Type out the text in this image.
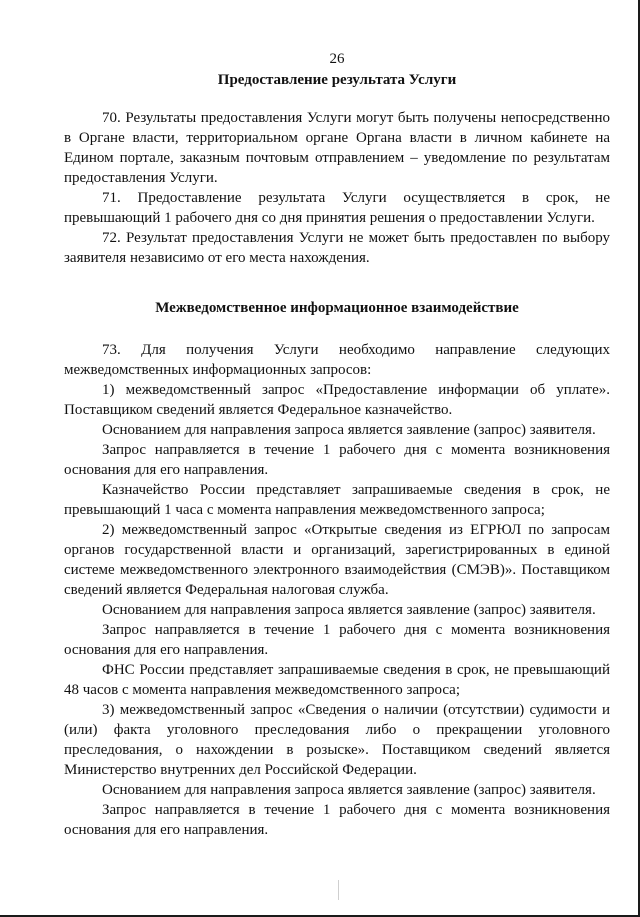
26

Предоставление результата Услуги

70. Результаты предоставления Услуги могут быть получены непосредственно в Органе власти, территориальном органе Органа власти в личном кабинете на Едином портале, заказным почтовым отправлением – уведомление по результатам предоставления Услуги.

71. Предоставление результата Услуги осуществляется в срок, не превышающий 1 рабочего дня со дня принятия решения о предоставлении Услуги.

72. Результат предоставления Услуги не может быть предоставлен по выбору заявителя независимо от его места нахождения.

Межведомственное информационное взаимодействие

73. Для получения Услуги необходимо направление следующих межведомственных информационных запросов:

1) межведомственный запрос «Предоставление информации об уплате». Поставщиком сведений является Федеральное казначейство.

Основанием для направления запроса является заявление (запрос) заявителя.

Запрос направляется в течение 1 рабочего дня с момента возникновения основания для его направления.

Казначейство России представляет запрашиваемые сведения в срок, не превышающий 1 часа с момента направления межведомственного запроса;

2) межведомственный запрос «Открытые сведения из ЕГРЮЛ по запросам органов государственной власти и организаций, зарегистрированных в единой системе межведомственного электронного взаимодействия (СМЭВ)». Поставщиком сведений является Федеральная налоговая служба.

Основанием для направления запроса является заявление (запрос) заявителя.

Запрос направляется в течение 1 рабочего дня с момента возникновения основания для его направления.

ФНС России представляет запрашиваемые сведения в срок, не превышающий 48 часов с момента направления межведомственного запроса;

3) межведомственный запрос «Сведения о наличии (отсутствии) судимости и (или) факта уголовного преследования либо о прекращении уголовного преследования, о нахождении в розыске». Поставщиком сведений является Министерство внутренних дел Российской Федерации.

Основанием для направления запроса является заявление (запрос) заявителя.

Запрос направляется в течение 1 рабочего дня с момента возникновения основания для его направления.
